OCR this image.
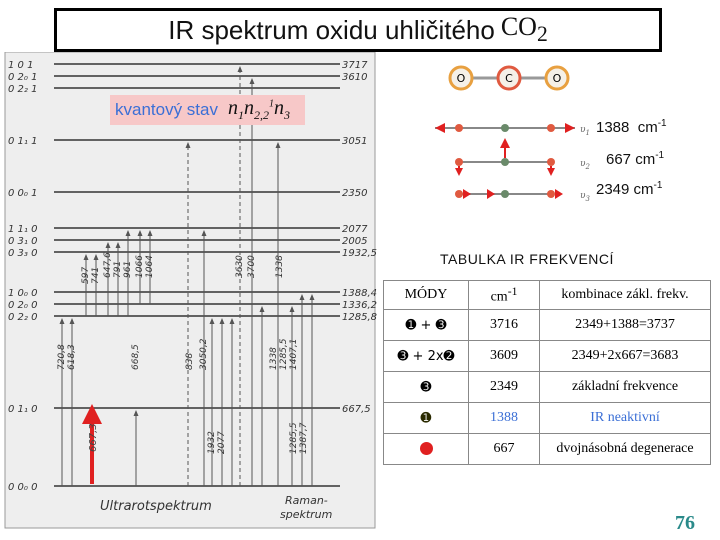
IR spektrum oxidu uhličitého $CO_2$
1 0 1	3717
0 2₀ 1	3610
0 2₂ 1
0 1₁ 1	3051
0 0₀ 1	2350
1 1₁ 0	2077
0 3₁ 0	2005
0 3₃ 0	1932,5
1 0₀ 0	1388,4
0 2₀ 0	1336,2
0 2₂ 0	1285,8
0 1₁ 0	667,5
0 0₀ 0
597 741 647,6 791 961 1066 1064	3630 3700 1338
720,8 618,3	668,5	838 3050,2	1338 1285,5 1407,1
1932 2077	1285,5 1387,7
667,3
Ultrarotspektrum	Raman-
spektrum
kvantový stav $n_1n_{2,2}^1n_3$
O	C	O
$\upsilon_1$
$\upsilon_2$
$\upsilon_3$
1388 $cm^{-1}$
667 $cm^{-1}$
2349 $cm^{-1}$
TABULKA IR FREKVENCÍ
MÓDY	$cm^{-1}$	kombinace zákl. frekv.
➊ + ➌	3716	2349+1388=3737
➌ + 2x➋	3609	2349+2x667=3683
➌	2349	základní frekvence
➊	1388	IR neaktivní
	667	dvojnásobná degenerace
76
